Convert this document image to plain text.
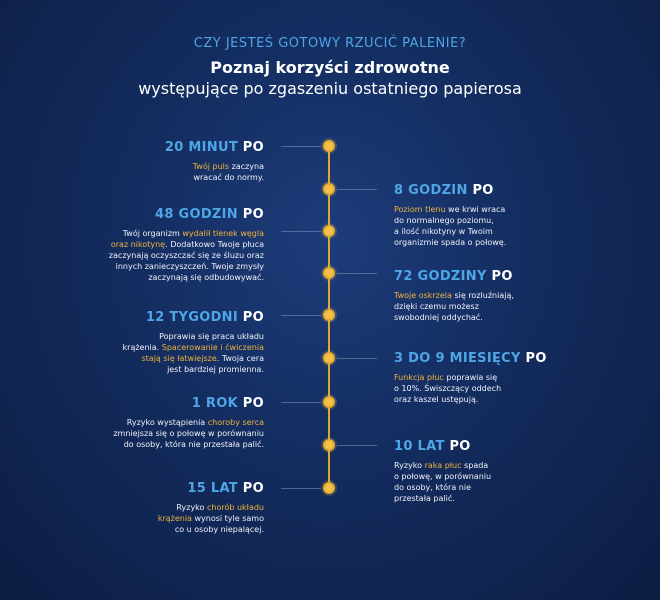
CZY JESTEŚ GOTOWY RZUCIĆ PALENIE?
Poznaj korzyści zdrowotne
występujące po zgaszeniu ostatniego papierosa
20 MINUT PO
Twój puls zaczyna
wracać do normy.
8 GODZIN PO
Poziom tlenu we krwi wraca
do normalnego poziomu,
a ilość nikotyny w Twoim
organizmie spada o połowę.
48 GODZIN PO
Twój organizm wydalił tlenek węgla
oraz nikotynę. Dodatkowo Twoje płuca
zaczynają oczyszczać się ze śluzu oraz
innych zanieczyszczeń. Twoje zmysły
zaczynają się odbudowywać.	72 GODZINY PO
Twoje oskrzela się rozluźniają,
dzięki czemu możesz
swobodniej oddychać.
12 TYGODNI PO
Poprawia się praca układu
krążenia. Spacerowanie i ćwiczenia
stają się łatwiejsze. Twoja cera
jest bardziej promienna.
3 DO 9 MIESIĘCY PO
Funkcja płuc poprawia się
o 10%. Świszczący oddech
oraz kaszel ustępują.
1 ROK PO
Ryzyko wystąpienia choroby serca
zmniejsza się o połowę w porównaniu
do osoby, która nie przestała palić.	10 LAT PO
Ryzyko raka płuc spada
o połowę, w porównaniu
do osoby, która nie
przestała palić.
15 LAT PO
Ryzyko chorób układu
krążenia wynosi tyle samo
co u osoby niepalącej.
